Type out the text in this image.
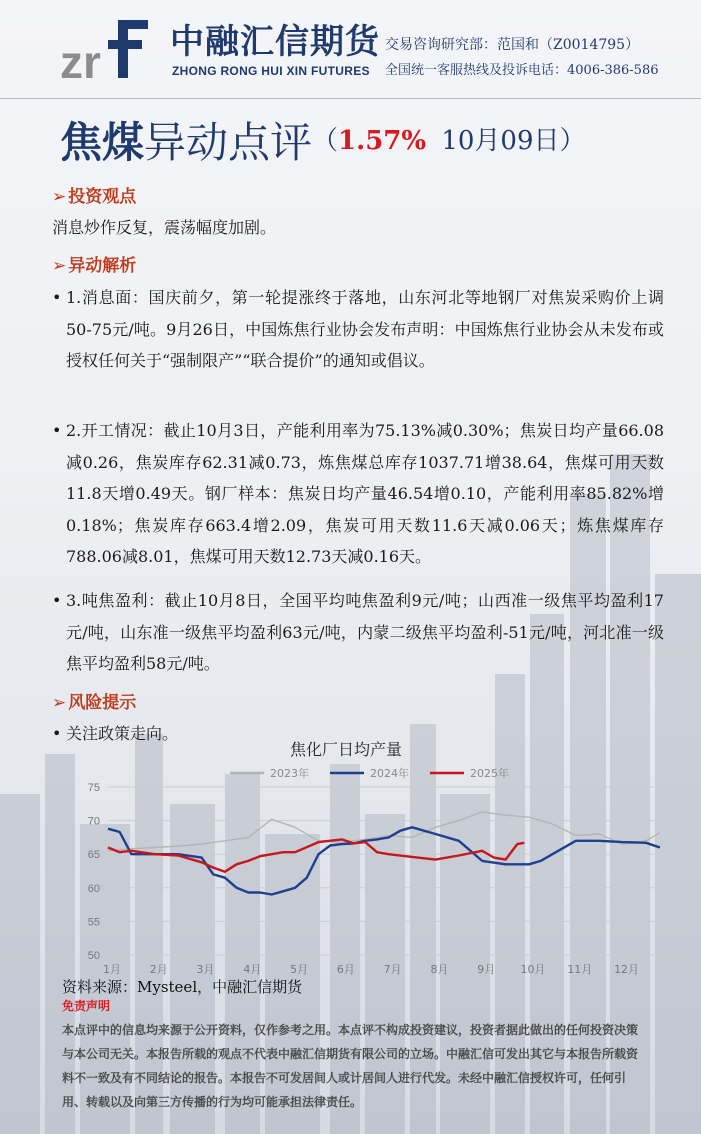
zr 中融汇信期货
ZHONG RONG HUI XIN FUTURES
交易咨询研究部：范国和（Z0014795）
全国统一客服热线及投诉电话：4006-386-586
焦煤异动点评（1.57% 10月09日）
➢ 投资观点
消息炒作反复，震荡幅度加剧。
➢ 异动解析
• 1.消息面：国庆前夕，第一轮提涨终于落地，山东河北等地钢厂对焦炭采购价上调50-75元/吨。9月26日，中国炼焦行业协会发布声明：中国炼焦行业协会从未发布或授权任何关于“强制限产”“联合提价”的通知或倡议。
• 2.开工情况：截止10月3日，产能利用率为75.13%减0.30%；焦炭日均产量66.08减0.26，焦炭库存62.31减0.73，炼焦煤总库存1037.71增38.64，焦煤可用天数11.8天增0.49天。钢厂样本：焦炭日均产量46.54增0.10，产能利用率85.82%增0.18%；焦炭库存663.4增2.09，焦炭可用天数11.6天减0.06天；炼焦煤库存788.06减8.01，焦煤可用天数12.73天减0.16天。
• 3.吨焦盈利：截止10月8日，全国平均吨焦盈利9元/吨；山西准一级焦平均盈利17元/吨，山东准一级焦平均盈利63元/吨，内蒙二级焦平均盈利-51元/吨，河北准一级焦平均盈利58元/吨。
➢ 风险提示
• 关注政策走向。
焦化厂日均产量
50
55
60
65
70
75
1月	2月	3月	4月	5月	6月	7月	8月	9月 10月 11月 12月
2023年	2024年	2025年
资料来源：Mysteel，中融汇信期货
免责声明
本点评中的信息均来源于公开资料，仅作参考之用。本点评不构成投资建议，投资者据此做出的任何投资决策与本公司无关。本报告所载的观点不代表中融汇信期货有限公司的立场。中融汇信可发出其它与本报告所载资料不一致及有不同结论的报告。本报告不可发居间人或计居间人进行代发。未经中融汇信授权许可，任何引用、转载以及向第三方传播的行为均可能承担法律责任。
